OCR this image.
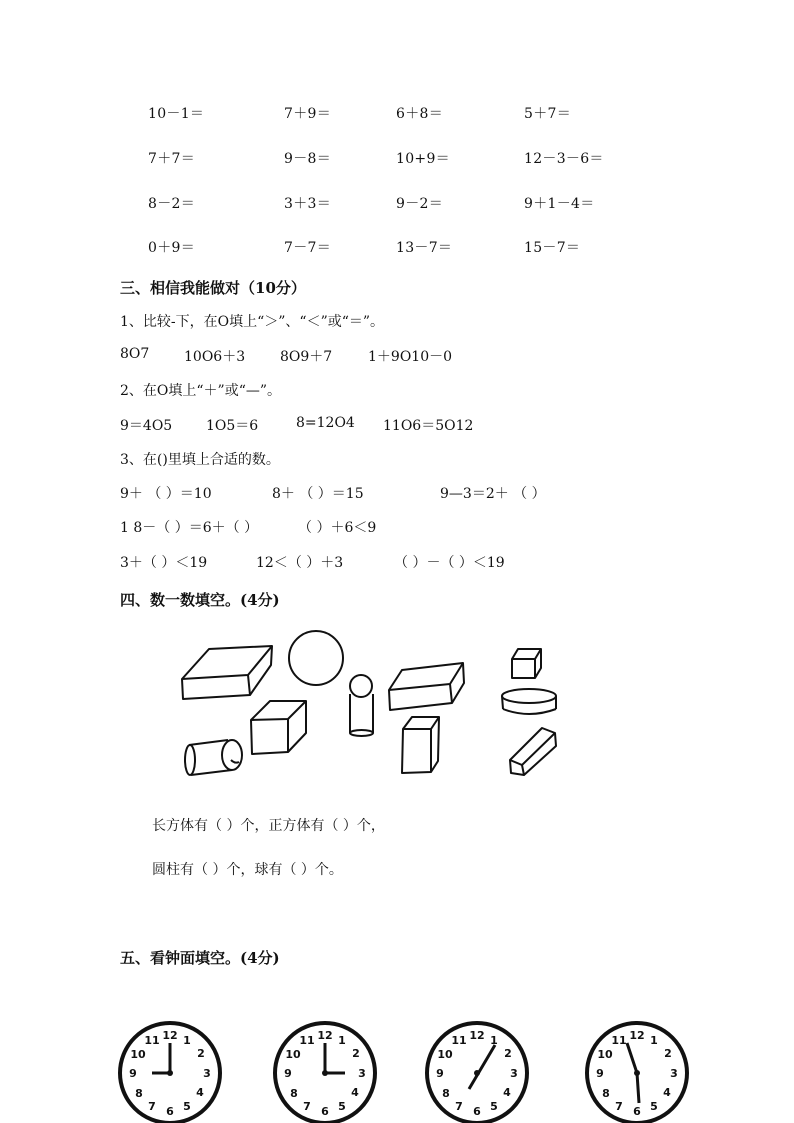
10－1＝	7＋9＝	6＋8＝	5＋7＝
7＋7＝	9－8＝	10+9＝	12－3－6＝
8－2＝	3＋3＝	9－2＝	9＋1－4＝
0＋9＝	7－7＝	13－7＝	15－7＝
三、相信我能做对（10分）
1、比较-下，在O填上“＞”、“＜”或“＝”。
8O7 10O6＋3 8O9＋7	1＋9O10－0
2、在O填上“＋”或“—”。
9＝4O5 1O5＝6	8=12O4 11O6＝5O12
3、在()里填上合适的数。
9＋ （ ）＝10	8＋ （ ）＝15	9—3＝2＋ （ ）
1 8－（ ）＝6＋（ ）	（ ）＋6＜9
3＋（ ）＜19	12＜（ ）＋3	（ ）－（ ）＜19
四、数一数填空。(4分)
长方体有（ ）个，正方体有（ ）个，
圆柱有（ ）个，球有（ ）个。
五、看钟面填空。(4分)
12 1
2
3
4
5
6
7
8
9
10
11	12 1
2
3
4
5
6
7
8
9
10
11	12 1
2
3
4
5
6
7
8
9
10
11	12 1
2
3
4
5
6
7
8
9
10
11
